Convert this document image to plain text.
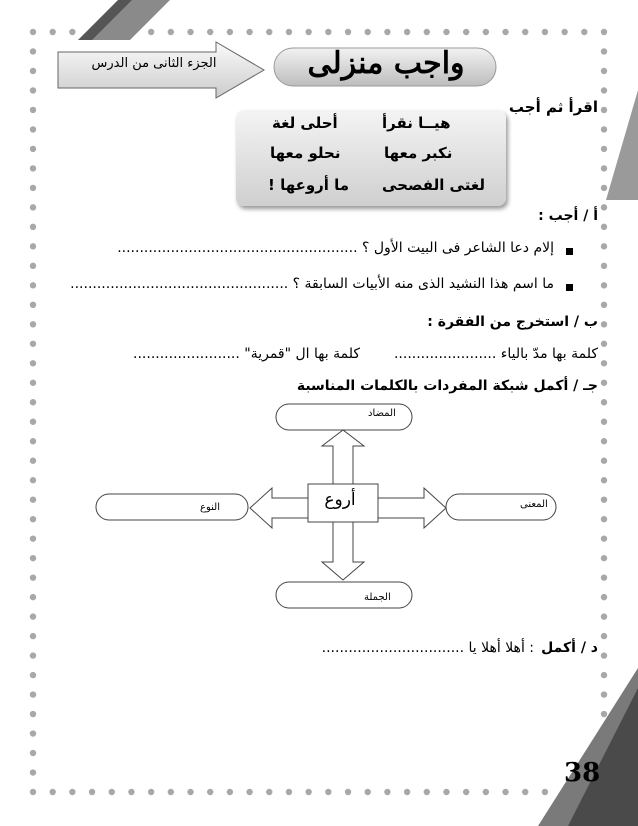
واجب منزلى
الجزء الثانى من الدرس
اقرأ ثم أجب
هيــا نقرأ
أحلى لغة
نكبر معها
نحلو معها
لغتى الفصحى
ما أروعها !
أ / أجب :
إلام دعا الشاعر فى البيت الأول ؟ ......................................................
ما اسم هذا النشيد الذى منه الأبيات السابقة ؟ .................................................
ب / استخرج من الفقرة :
كلمة بها مدّ بالياء .......................
كلمة بها ال "قمرية" ........................
جـ / أكمل شبكة المفردات بالكلمات المناسبة
المضاد
المعنى
النوع
الجملة
أروع
د / أكمل
: أهلا أهلا يا ................................
38
